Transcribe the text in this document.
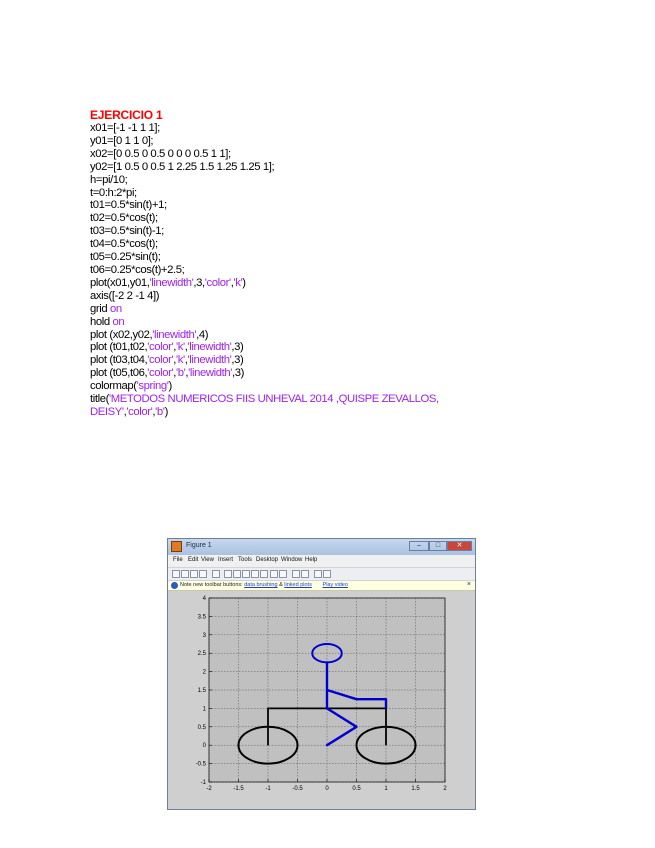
EJERCICIO 1
x01=[-1 -1 1 1];
y01=[0 1 1 0];
x02=[0 0.5 0 0.5 0 0 0 0.5 1 1];
y02=[1 0.5 0 0.5 1 2.25 1.5 1.25 1.25 1];
h=pi/10;
t=0:h:2*pi;
t01=0.5*sin(t)+1;
t02=0.5*cos(t);
t03=0.5*sin(t)-1;
t04=0.5*cos(t);
t05=0.25*sin(t);
t06=0.25*cos(t)+2.5;
plot(x01,y01,'linewidth',3,'color','k')
axis([-2 2 -1 4])
grid on
hold on
plot (x02,y02,'linewidth',4)
plot (t01,t02,'color','k','linewidth',3)
plot (t03,t04,'color','k','linewidth',3)
plot (t05,t06,'color','b','linewidth',3)
colormap('spring')
title('METODOS NUMERICOS FIIS UNHEVAL 2014 ,QUISPE ZEVALLOS,
DEISY','color','b')
Figure 1	–	□	✕
File Edit View Insert Tools Desktop Window Help
Note new toolbar buttons: data brushing & linked plots Play video	×
-2	-1.5	-1	-0.5	0	0.5	1	1.5	2
-1
-0.5
0
0.5
1
1.5
2
2.5
3
3.5
4
